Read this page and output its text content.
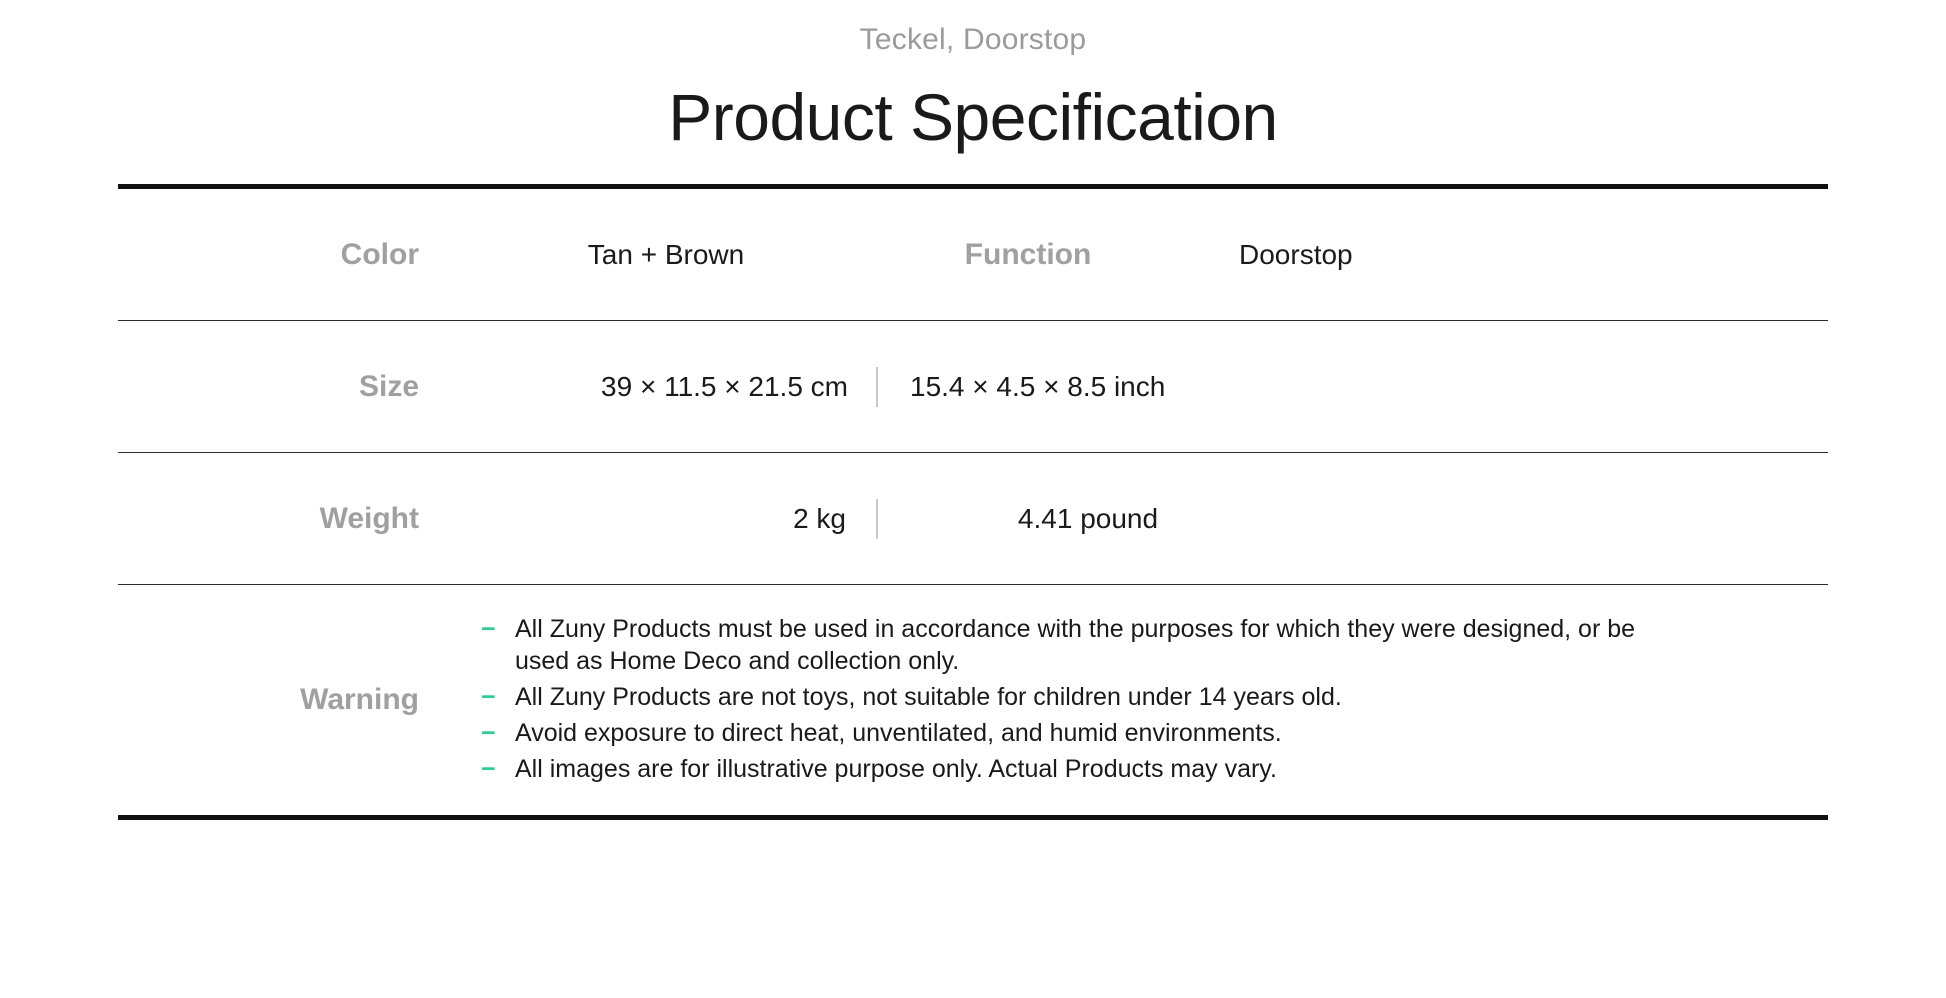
Teckel, Doorstop
Product Specification
Color	Tan + Brown	Function	Doorstop
Size	39 × 11.5 × 21.5 cm 15.4 × 4.5 × 8.5 inch		

Weight	2 kg 4.41 pound		

Warning	
− All Zuny Products must be used in accordance with the purposes for which they were designed, or be used as Home Deco and collection only.
− All Zuny Products are not toys, not suitable for children under 14 years old.
− Avoid exposure to direct heat, unventilated, and humid environments.
− All images are for illustrative purpose only. Actual Products may vary.
